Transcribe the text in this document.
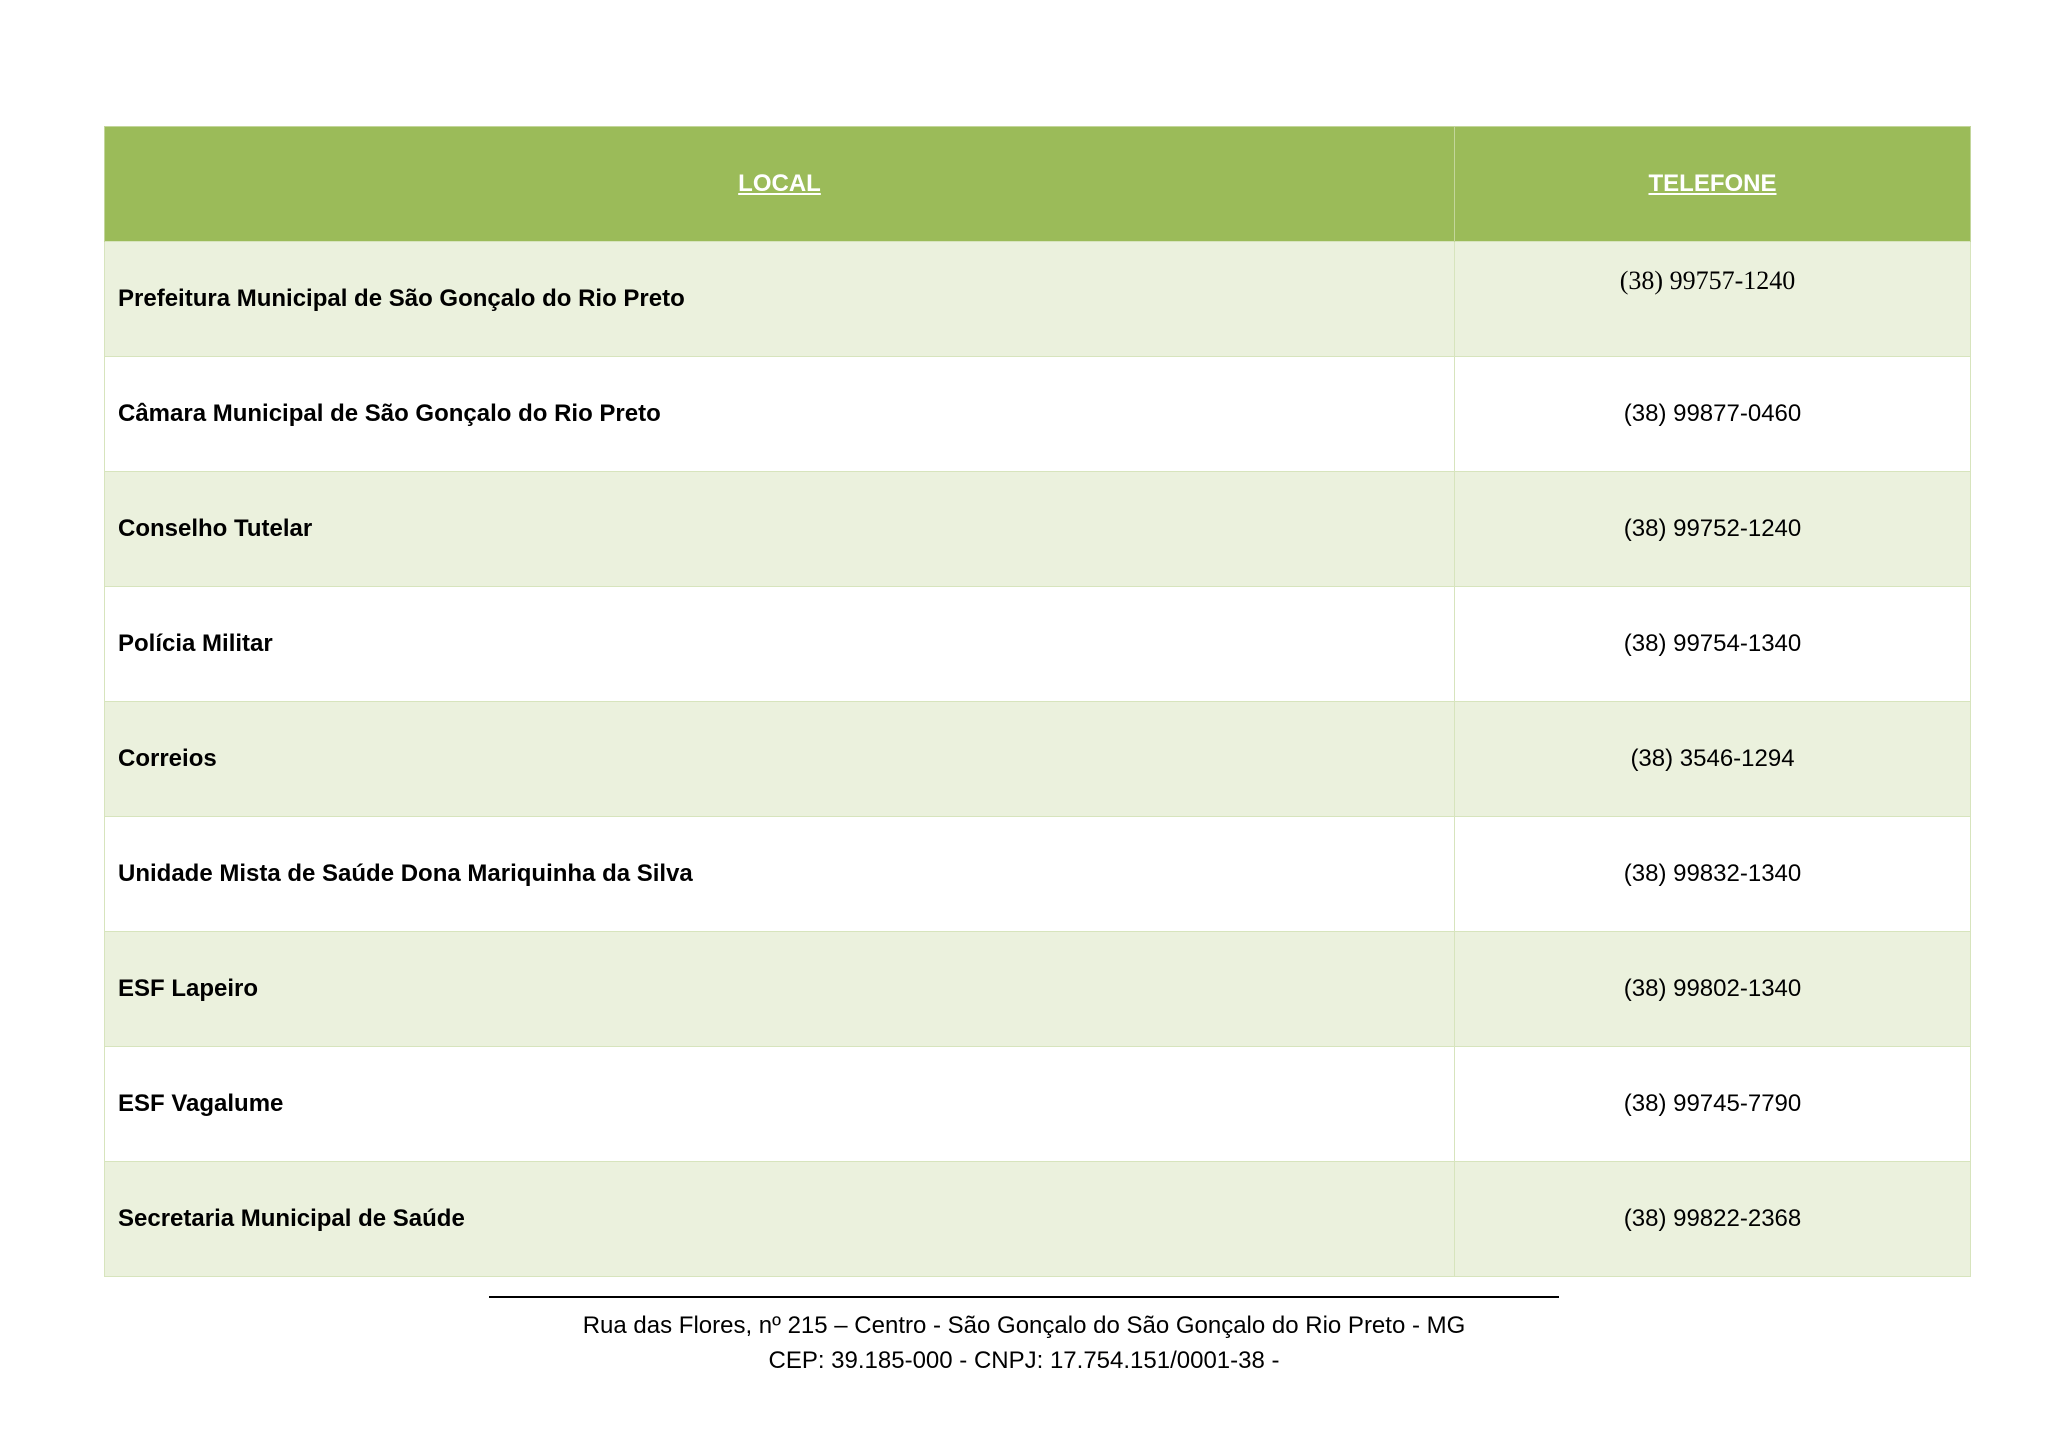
LOCAL	TELEFONE
Prefeitura Municipal de São Gonçalo do Rio Preto	(38) 99757-1240
Câmara Municipal de São Gonçalo do Rio Preto	(38) 99877-0460
Conselho Tutelar	(38) 99752-1240
Polícia Militar	(38) 99754-1340
Correios	(38) 3546-1294
Unidade Mista de Saúde Dona Mariquinha da Silva	(38) 99832-1340
ESF Lapeiro	(38) 99802-1340
ESF Vagalume	(38) 99745-7790
Secretaria Municipal de Saúde	(38) 99822-2368
Rua das Flores, nº 215 – Centro - São Gonçalo do São Gonçalo do Rio Preto - MG
CEP: 39.185-000 - CNPJ: 17.754.151/0001-38 -
